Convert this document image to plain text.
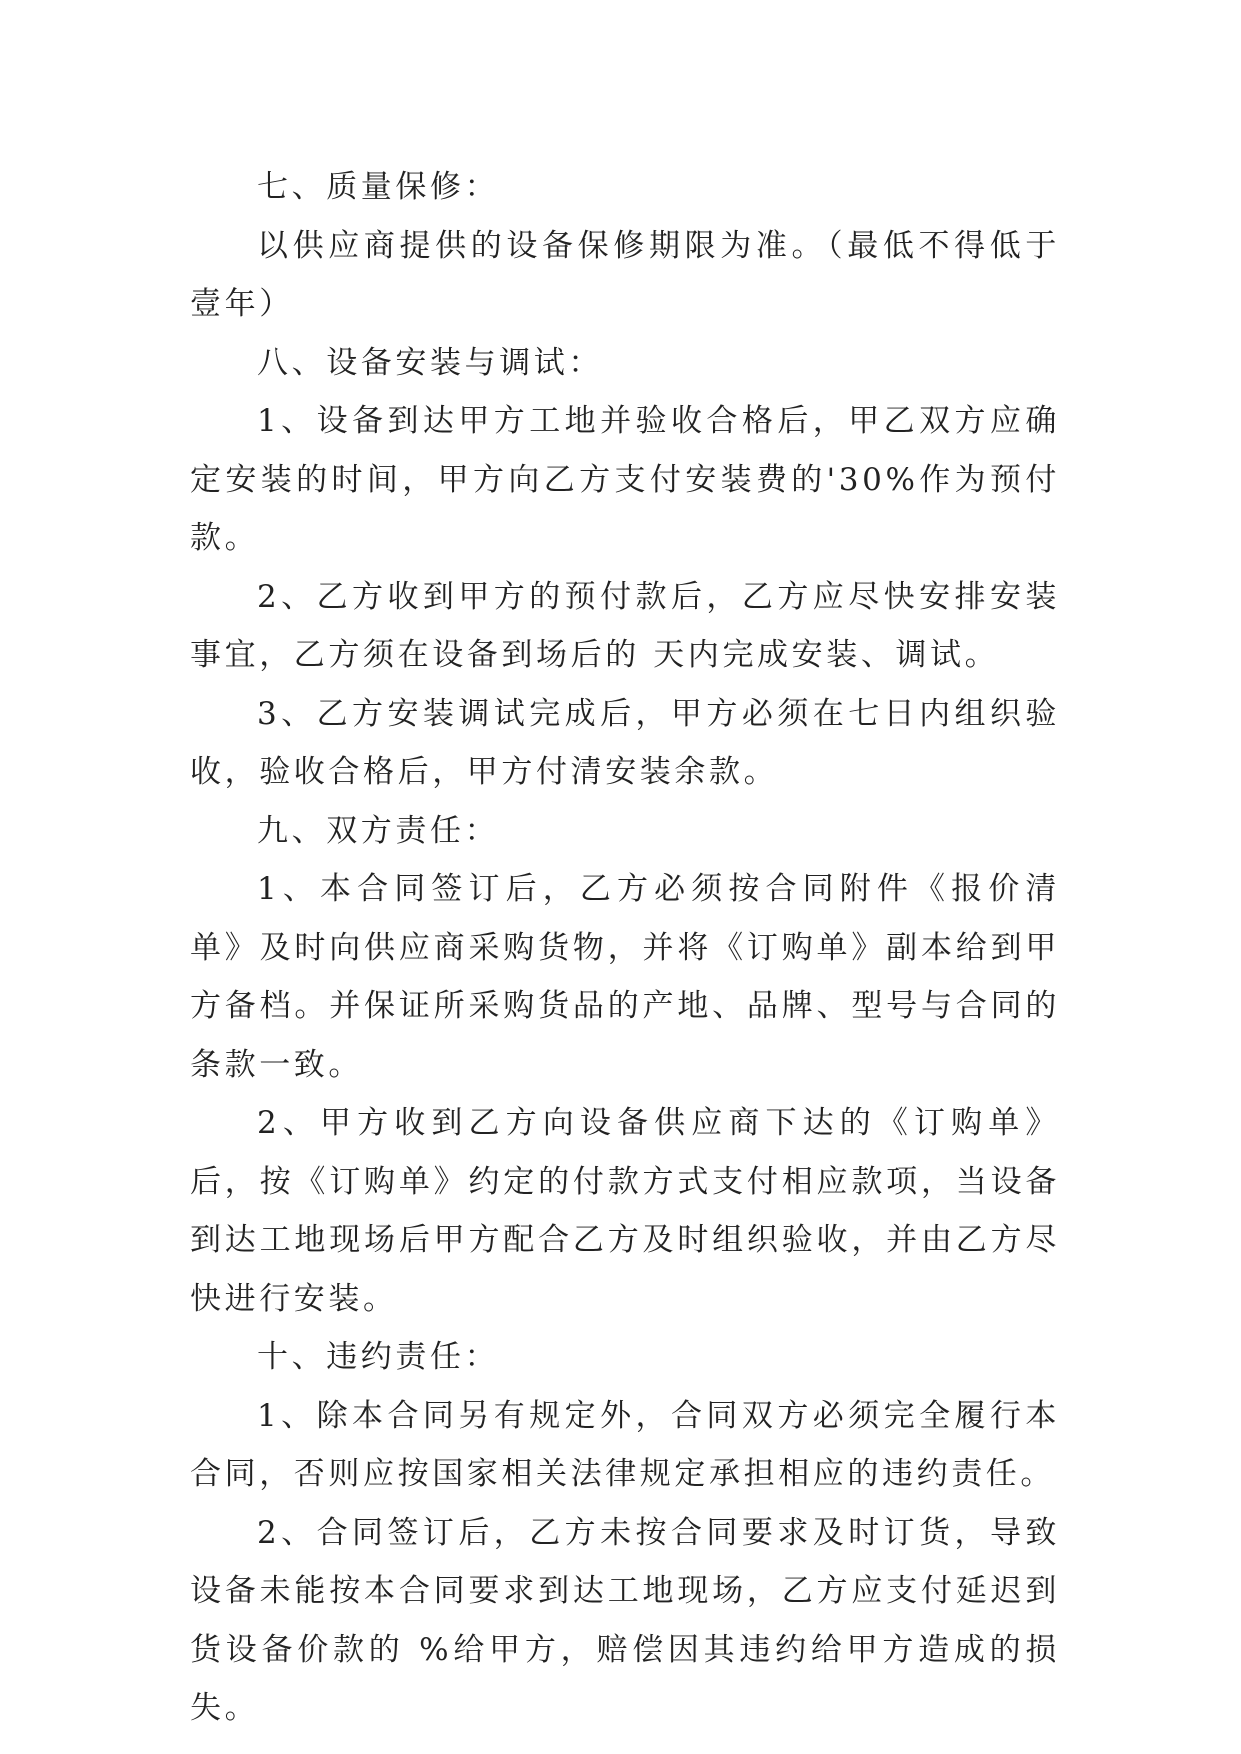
七、质量保修：

以供应商提供的设备保修期限为准。（最低不得低于壹年）

八、设备安装与调试：

1、设备到达甲方工地并验收合格后，甲乙双方应确定安装的时间，甲方向乙方支付安装费的'30%作为预付款。

2、乙方收到甲方的预付款后，乙方应尽快安排安装事宜，乙方须在设备到场后的 天内完成安装、调试。

3、乙方安装调试完成后，甲方必须在七日内组织验收，验收合格后，甲方付清安装余款。

九、双方责任：

1、本合同签订后，乙方必须按合同附件《报价清单》及时向供应商采购货物，并将《订购单》副本给到甲方备档。并保证所采购货品的产地、品牌、型号与合同的条款一致。

2、甲方收到乙方向设备供应商下达的《订购单》后，按《订购单》约定的付款方式支付相应款项，当设备到达工地现场后甲方配合乙方及时组织验收，并由乙方尽快进行安装。

十、违约责任：

1、除本合同另有规定外，合同双方必须完全履行本合同，否则应按国家相关法律规定承担相应的违约责任。

2、合同签订后，乙方未按合同要求及时订货，导致设备未能按本合同要求到达工地现场，乙方应支付延迟到货设备价款的 %给甲方，赔偿因其违约给甲方造成的损失。
